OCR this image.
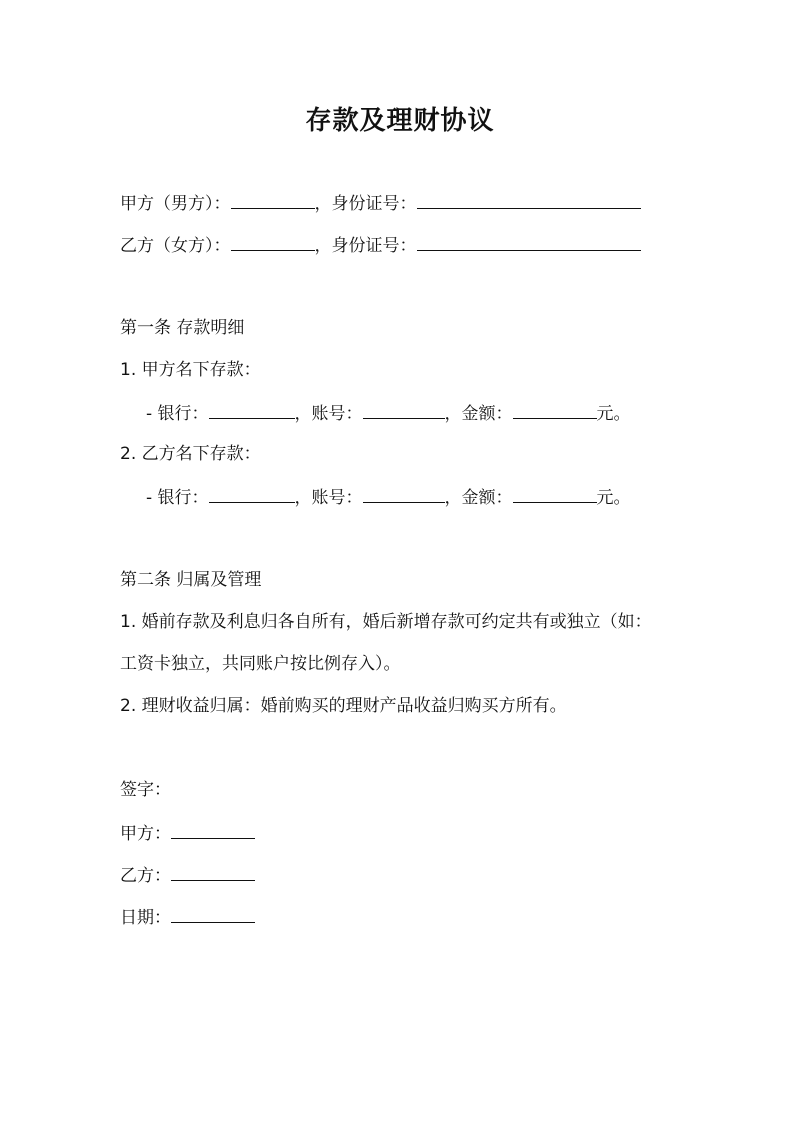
存款及理财协议
甲方（男方）：	，身份证号：
乙方（女方）：	，身份证号：
第一条 存款明细
1. 甲方名下存款：
- 银行：	，账号：	，金额：	元。
2. 乙方名下存款：
- 银行：	，账号：	，金额：	元。
第二条 归属及管理
1. 婚前存款及利息归各自所有，婚后新增存款可约定共有或独立（如：
工资卡独立，共同账户按比例存入）。
2. 理财收益归属：婚前购买的理财产品收益归购买方所有。
签字：
甲方：
乙方：
日期：
